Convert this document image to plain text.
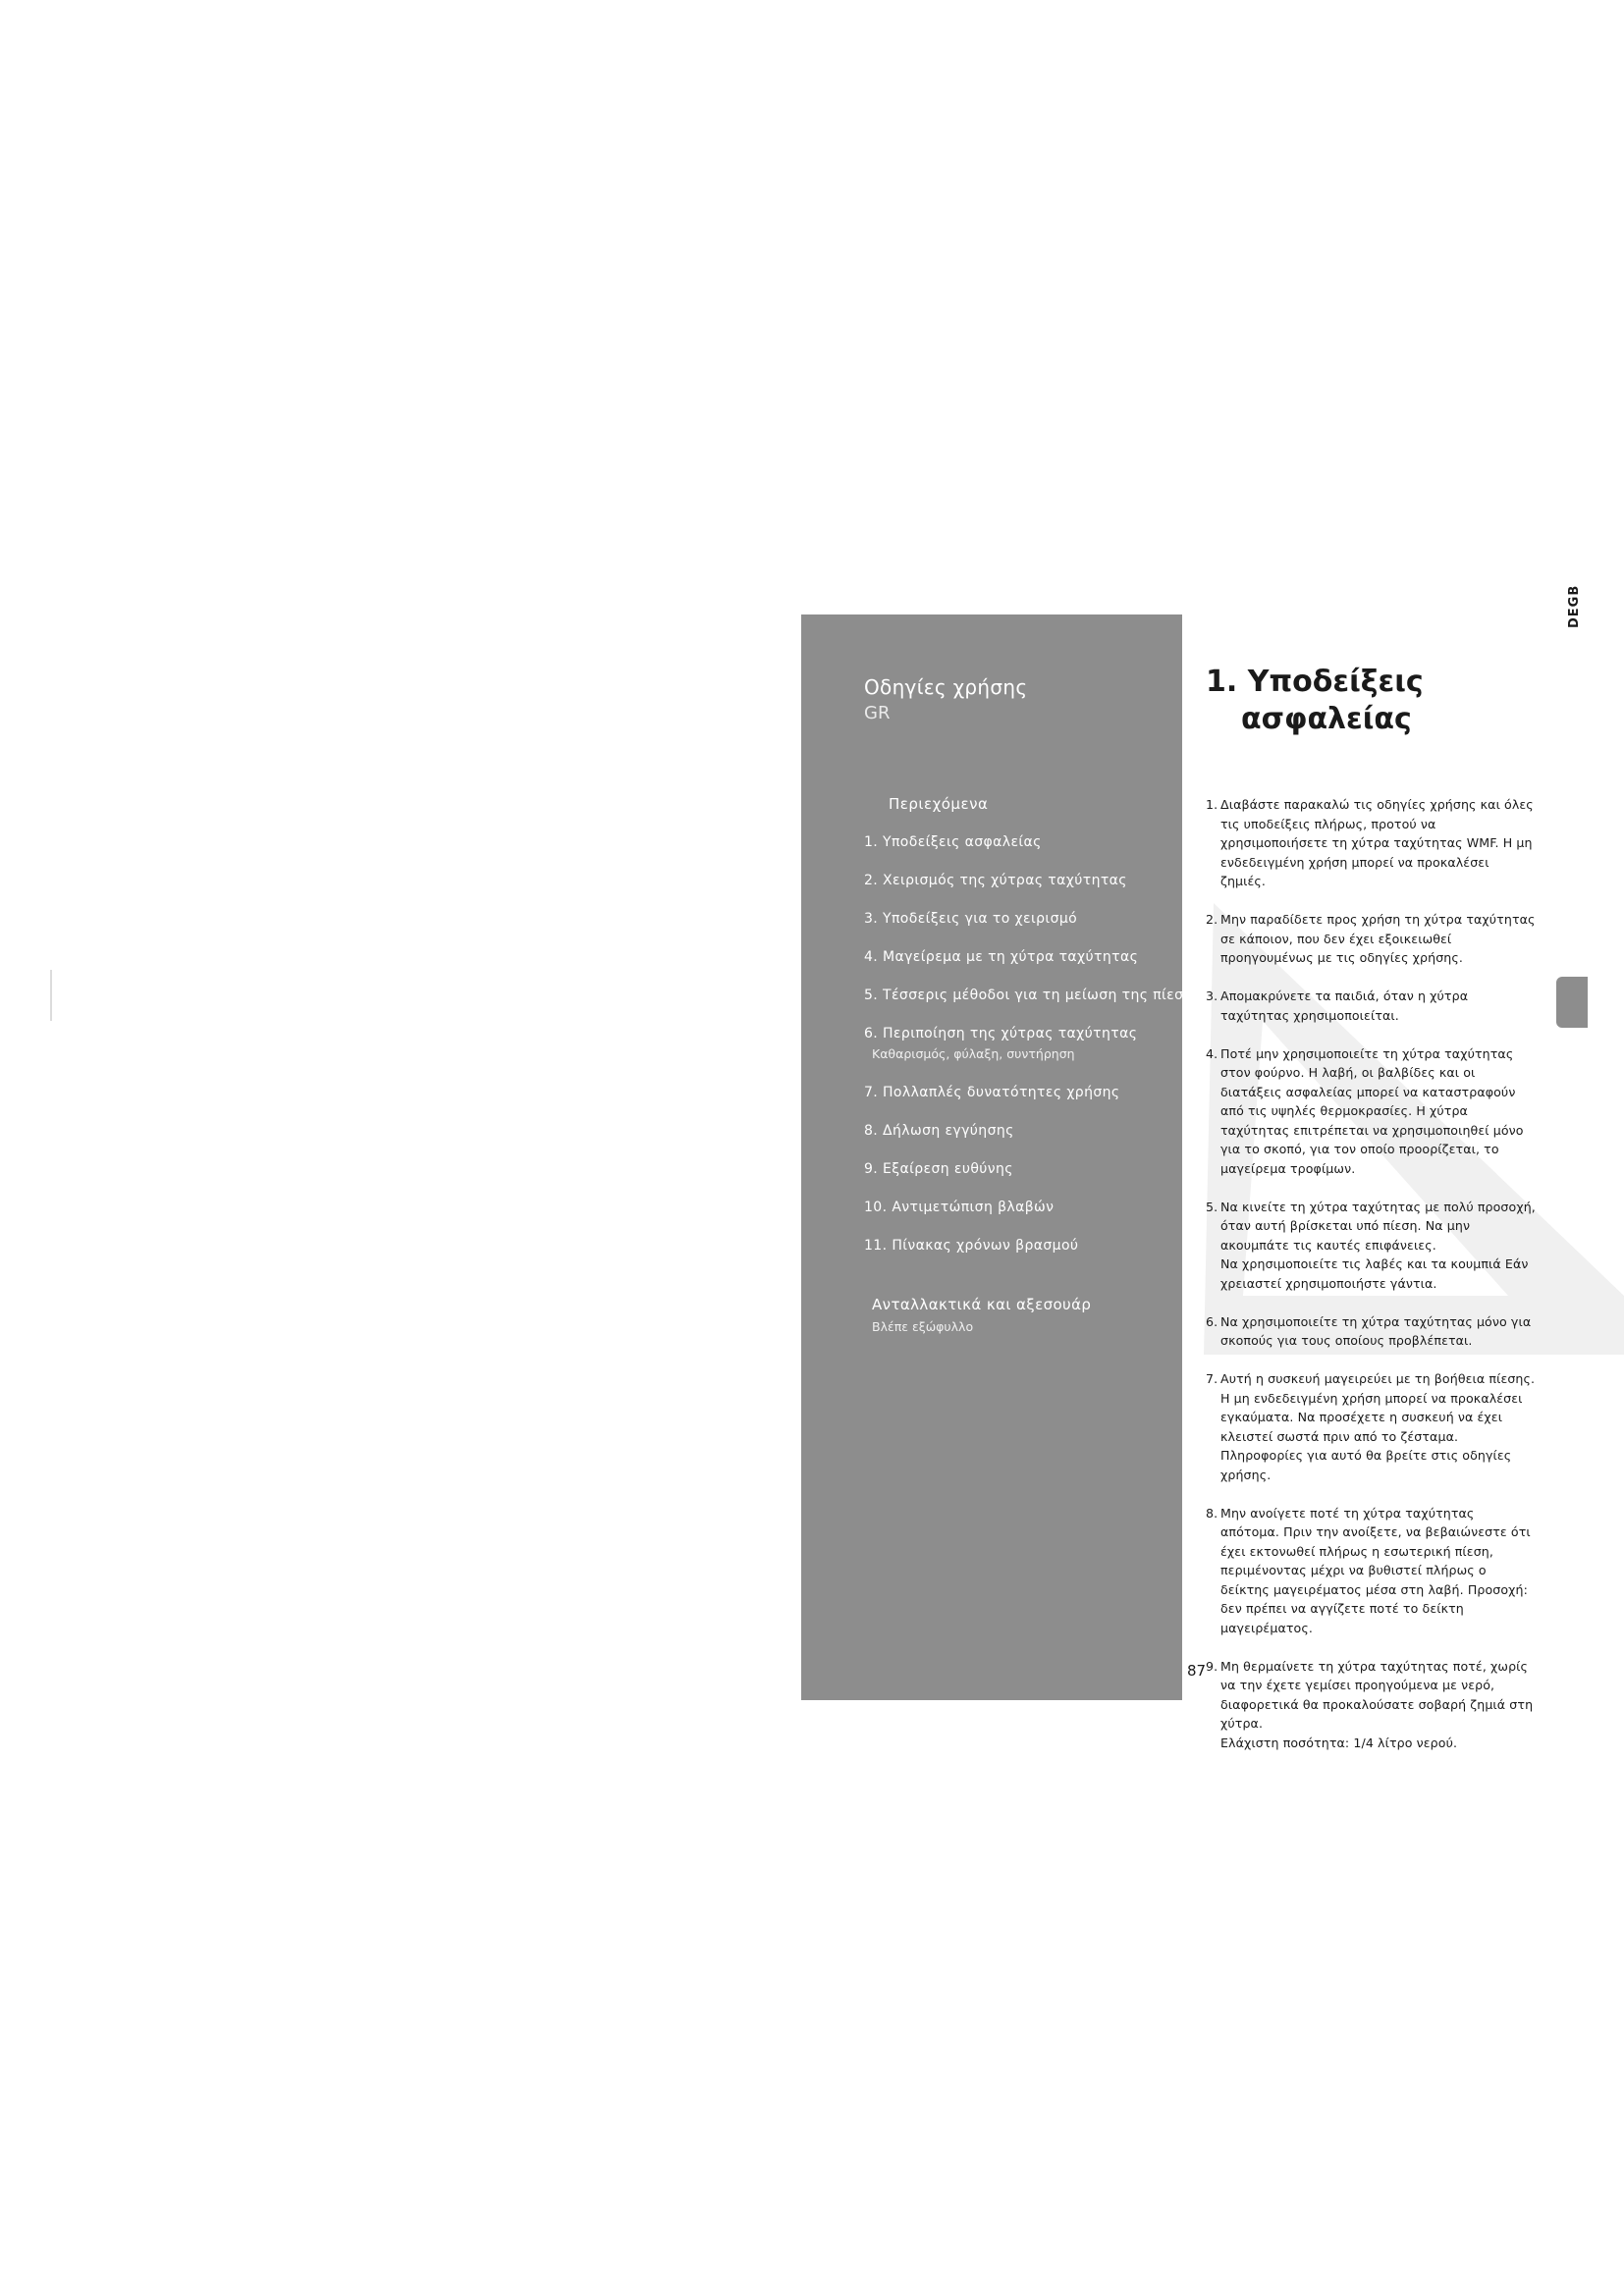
Οδηγίες χρήσης
GR
Περιεχόμενα
1. Υποδείξεις ασφαλείας
2. Χειρισμός της χύτρας ταχύτητας
3. Υποδείξεις για το χειρισμό
4. Μαγείρεμα με τη χύτρα ταχύτητας
5. Τέσσερις μέθοδοι για τη μείωση της πίεσης
6. Περιποίηση της χύτρας ταχύτητας
Καθαρισμός, φύλαξη, συντήρηση
7. Πολλαπλές δυνατότητες χρήσης
8. Δήλωση εγγύησης
9. Εξαίρεση ευθύνης
10. Αντιμετώπιση βλαβών
11. Πίνακας χρόνων βρασμού
Ανταλλακτικά και αξεσουάρ
Βλέπε εξώφυλλο
87
DEGB
1. Υποδείξεις
ασφαλείας
1. Διαβάστε παρακαλώ τις οδηγίες χρήσης και όλες τις υποδείξεις πλήρως, προτού να χρησιμοποιήσετε τη χύτρα ταχύτητας WMF. Η μη ενδεδειγμένη χρήση μπορεί να προκαλέσει ζημιές.
2. Μην παραδίδετε προς χρήση τη χύτρα ταχύτητας σε κάποιον, που δεν έχει εξοικειωθεί προηγουμένως με τις οδηγίες χρήσης.
3. Απομακρύνετε τα παιδιά, όταν η χύτρα ταχύτητας χρησιμοποιείται.
4. Ποτέ μην χρησιμοποιείτε τη χύτρα ταχύτητας στον φούρνο. Η λαβή, οι βαλβίδες και οι διατάξεις ασφαλείας μπορεί να καταστραφούν από τις υψηλές θερμοκρασίες. Η χύτρα ταχύτητας επιτρέπεται να χρησιμοποιηθεί μόνο για το σκοπό, για τον οποίο προορίζεται, το μαγείρεμα τροφίμων.
5. Να κινείτε τη χύτρα ταχύτητας με πολύ προσοχή, όταν αυτή βρίσκεται υπό πίεση. Να μην ακουμπάτε τις καυτές επιφάνειες.
Να χρησιμοποιείτε τις λαβές και τα κουμπιά Εάν χρειαστεί χρησιμοποιήστε γάντια.
6. Να χρησιμοποιείτε τη χύτρα ταχύτητας μόνο για σκοπούς για τους οποίους προβλέπεται.
7. Αυτή η συσκευή μαγειρεύει με τη βοήθεια πίεσης. Η μη ενδεδειγμένη χρήση μπορεί να προκαλέσει εγκαύματα. Να προσέχετε η συσκευή να έχει κλειστεί σωστά πριν από το ζέσταμα. Πληροφορίες για αυτό θα βρείτε στις οδηγίες χρήσης.
8. Μην ανοίγετε ποτέ τη χύτρα ταχύτητας απότομα. Πριν την ανοίξετε, να βεβαιώνεστε ότι έχει εκτονωθεί πλήρως η εσωτερική πίεση, περιμένοντας μέχρι να βυθιστεί πλήρως ο δείκτης μαγειρέματος μέσα στη λαβή. Προσοχή: δεν πρέπει να αγγίζετε ποτέ το δείκτη μαγειρέματος.
9. Μη θερμαίνετε τη χύτρα ταχύτητας ποτέ, χωρίς να την έχετε γεμίσει προηγούμενα με νερό, διαφορετικά θα προκαλούσατε σοβαρή ζημιά στη χύτρα.
Ελάχιστη ποσότητα: 1/4 λίτρο νερού.
